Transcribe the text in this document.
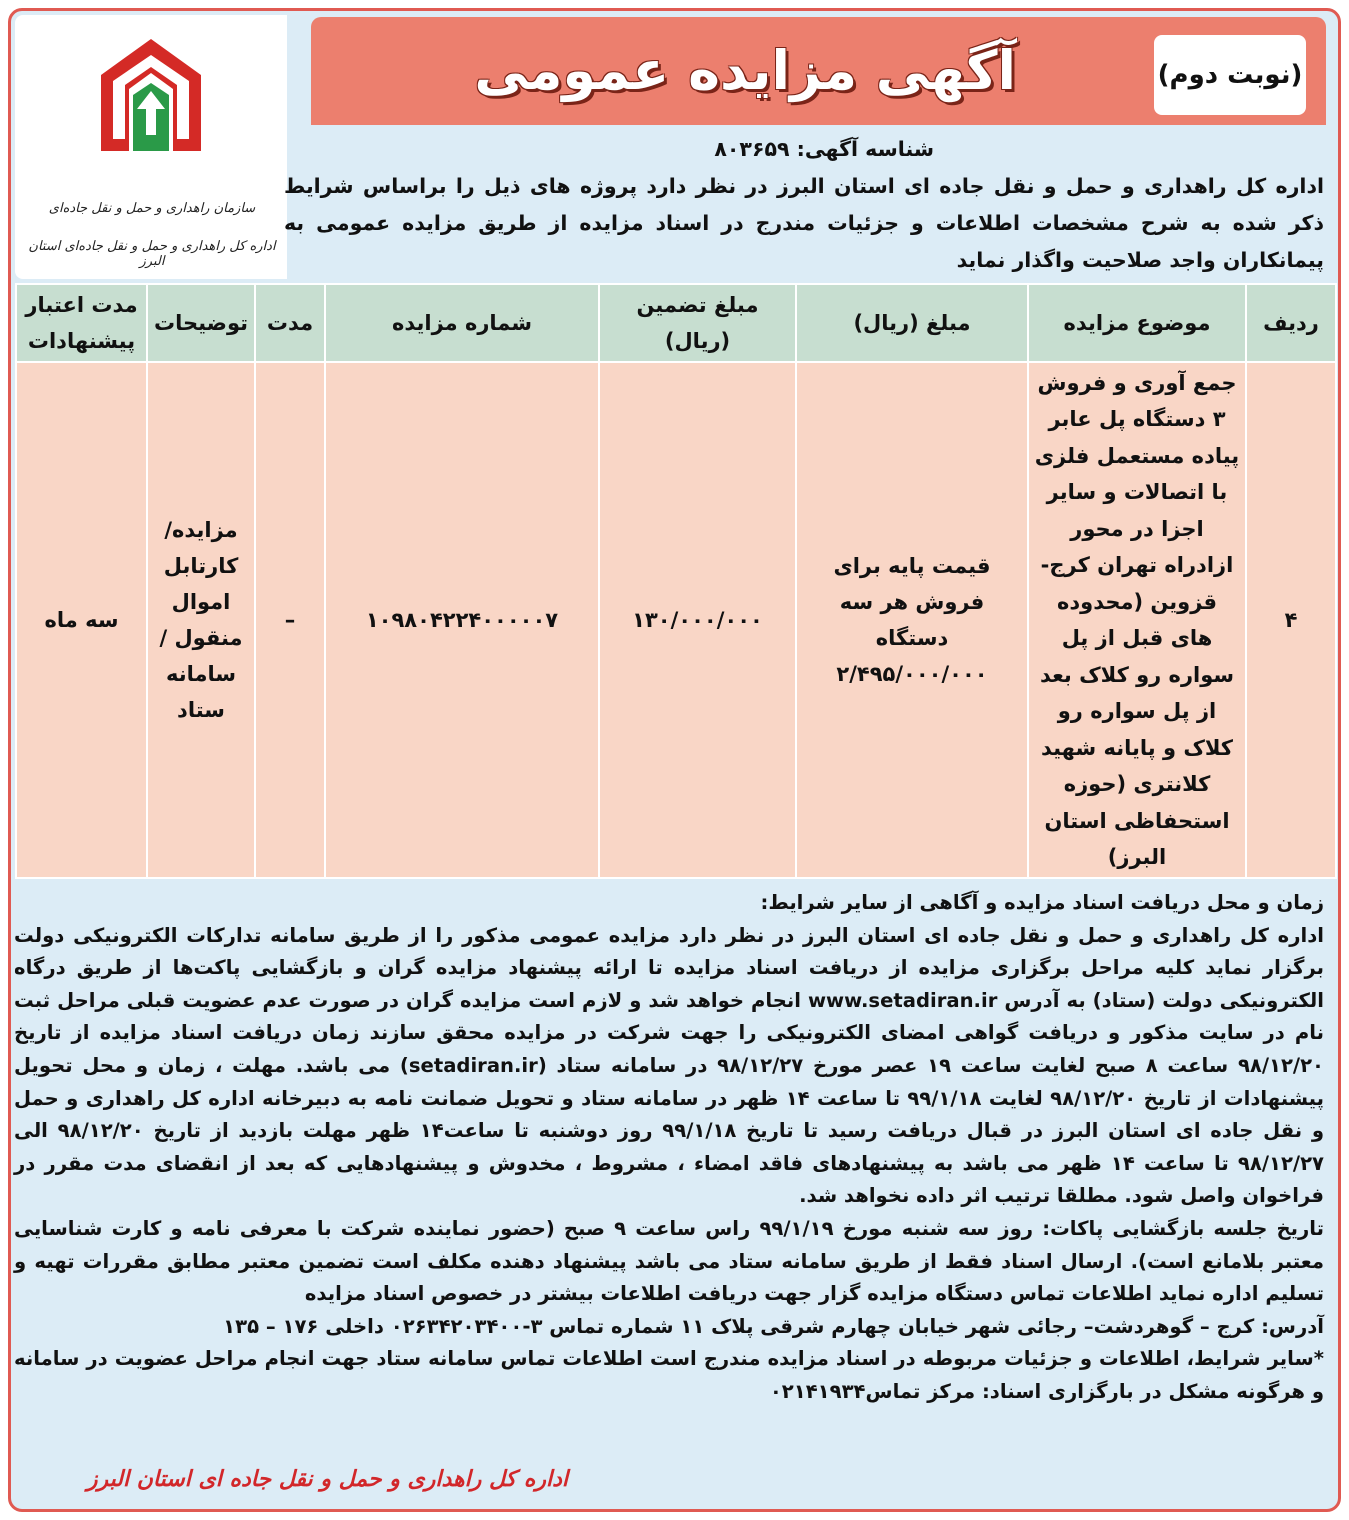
سازمان راهداری و حمل و نقل جاده‌ای
اداره کل راهداری و حمل و نقل جاده‌ای استان البرز
آگهی مزایده عمومی	(نوبت دوم)
شناسه آگهی: ۸۰۳۶۵۹
اداره کل راهداری و حمل و نقل جاده ای استان البرز در نظر دارد پروژه های ذیل را براساس شرایط ذکر شده به شرح مشخصات اطلاعات و جزئیات مندرج در اسناد مزایده از طریق مزایده عمومی به پیمانکاران واجد صلاحیت واگذار نماید
ردیف	موضوع مزایده	مبلغ (ریال)	مبلغ تضمین (ریال)	شماره مزایده	مدت	توضیحات	مدت اعتبار پیشنهادات
۴	جمع آوری و فروش ۳ دستگاه پل عابر پیاده مستعمل فلزی با اتصالات و سایر اجزا در محور ازادراه تهران کرج- قزوین (محدوده های قبل از پل سواره رو کلاک بعد از پل سواره رو کلاک و پایانه شهید کلانتری (حوزه استحفاظی استان البرز)	قیمت پایه برای فروش هر سه دستگاه ۲/۴۹۵/۰۰۰/۰۰۰	۱۳۰/۰۰۰/۰۰۰	۱۰۹۸۰۴۲۲۴۰۰۰۰۰۷	–	مزایده/ کارتابل اموال منقول / سامانه ستاد	سه ماه

زمان و محل دریافت اسناد مزایده و آگاهی از سایر شرایط:

اداره کل راهداری و حمل و نقل جاده ای استان البرز در نظر دارد مزایده عمومی مذکور را از طریق سامانه تدارکات الکترونیکی دولت برگزار نماید کلیه مراحل برگزاری مزایده از دریافت اسناد مزایده تا ارائه پیشنهاد مزایده گران و بازگشایی پاکت‌ها از طریق درگاه الکترونیکی دولت (ستاد) به آدرس www.setadiran.ir انجام خواهد شد و لازم است مزایده گران در صورت عدم عضویت قبلی مراحل ثبت نام در سایت مذکور و دریافت گواهی امضای الکترونیکی را جهت شرکت در مزایده محقق سازند زمان دریافت اسناد مزایده از تاریخ ۹۸/۱۲/۲۰ ساعت ۸ صبح لغایت ساعت ۱۹ عصر مورخ ۹۸/۱۲/۲۷ در سامانه ستاد (setadiran.ir) می باشد. مهلت ، زمان و محل تحویل پیشنهادات از تاریخ ۹۸/۱۲/۲۰ لغایت ۹۹/۱/۱۸ تا ساعت ۱۴ ظهر در سامانه ستاد و تحویل ضمانت نامه به دبیرخانه اداره کل راهداری و حمل و نقل جاده ای استان البرز در قبال دریافت رسید تا تاریخ ۹۹/۱/۱۸ روز دوشنبه تا ساعت۱۴ ظهر مهلت بازدید از تاریخ ۹۸/۱۲/۲۰ الی ۹۸/۱۲/۲۷ تا ساعت ۱۴ ظهر می باشد به پیشنهادهای فاقد امضاء ، مشروط ، مخدوش و پیشنهادهایی که بعد از انقضای مدت مقرر در فراخوان واصل شود. مطلقا ترتیب اثر داده نخواهد شد.

تاریخ جلسه بازگشایی پاکات: روز سه شنبه مورخ ۹۹/۱/۱۹ راس ساعت ۹ صبح (حضور نماینده شرکت با معرفی نامه و کارت شناسایی معتبر بلامانع است). ارسال اسناد فقط از طریق سامانه ستاد می باشد پیشنهاد دهنده مکلف است تضمین معتبر مطابق مقررات تهیه و تسلیم اداره نماید اطلاعات تماس دستگاه مزایده گزار جهت دریافت اطلاعات بیشتر در خصوص اسناد مزایده

آدرس: کرج – گوهردشت– رجائی شهر خیابان چهارم شرقی پلاک ۱۱ شماره تماس ۳-۰۲۶۳۴۲۰۳۴۰۰ داخلی ۱۷۶ – ۱۳۵

*سایر شرایط، اطلاعات و جزئیات مربوطه در اسناد مزایده مندرج است اطلاعات تماس سامانه ستاد جهت انجام مراحل عضویت در سامانه و هرگونه مشکل در بارگزاری اسناد: مرکز تماس۰۲۱۴۱۹۳۴

اداره کل راهداری و حمل و نقل جاده ای استان البرز
